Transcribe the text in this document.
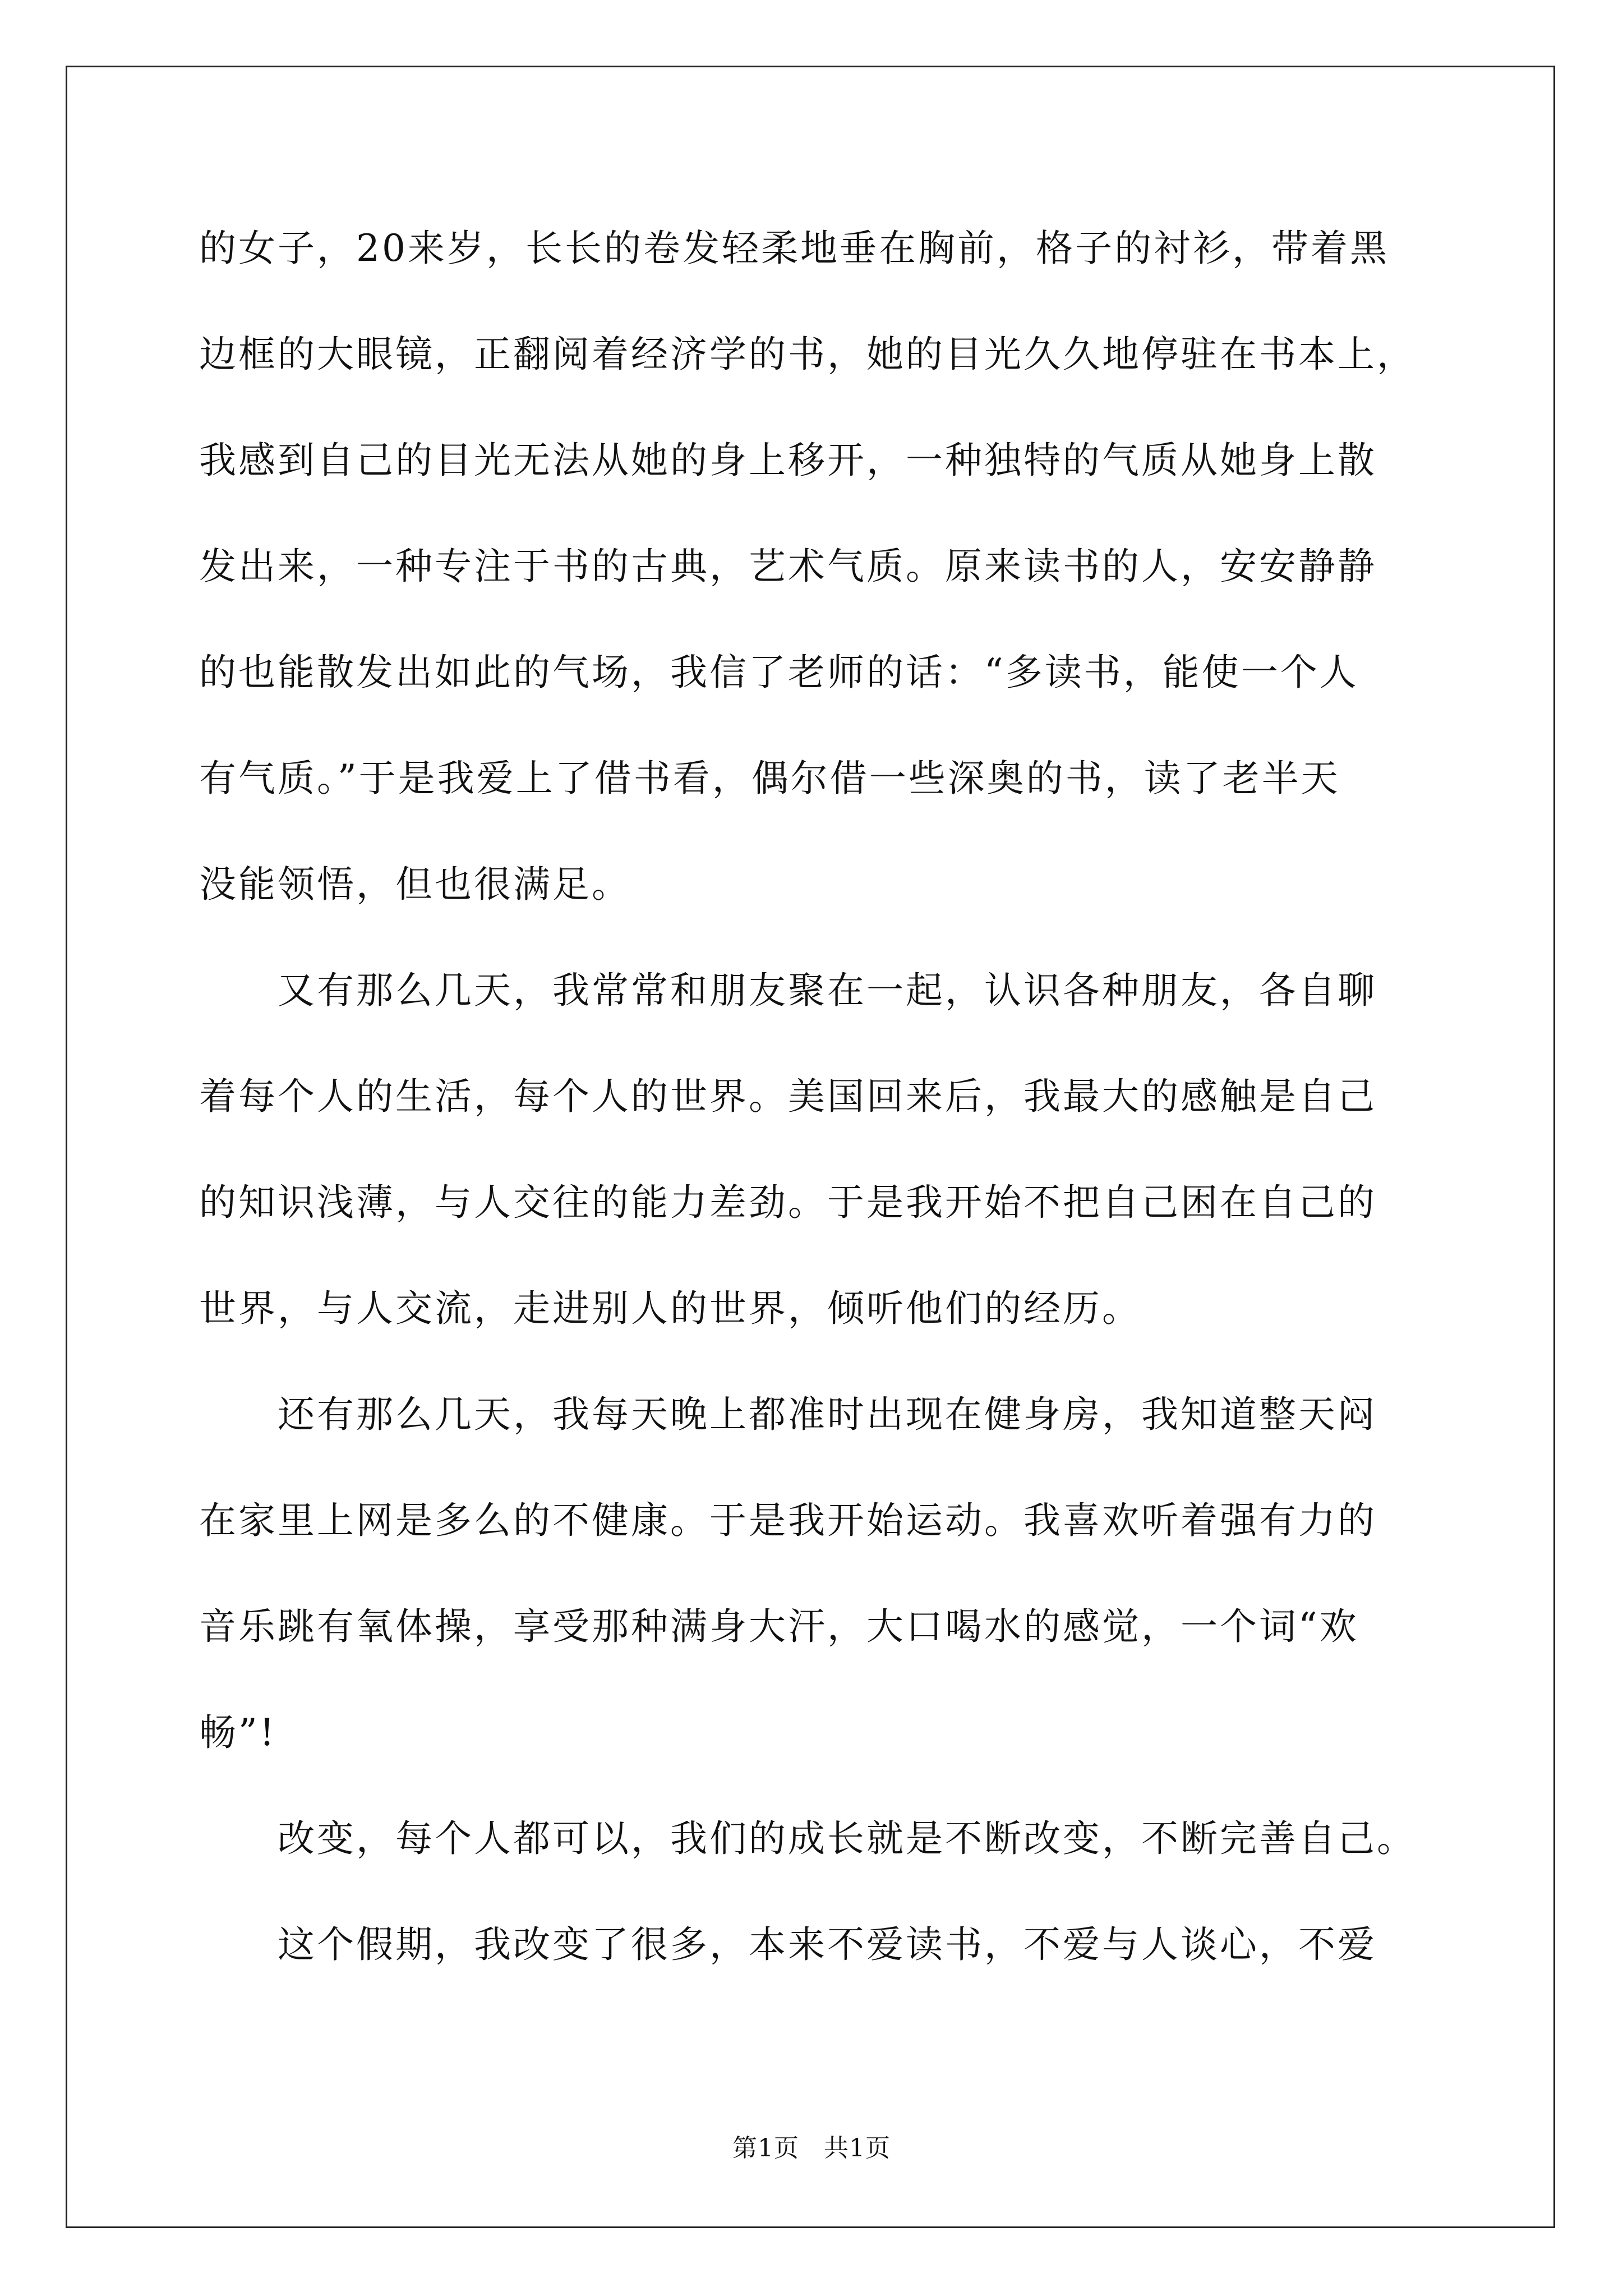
的女子，20来岁，长长的卷发轻柔地垂在胸前，格子的衬衫，带着黑
边框的大眼镜，正翻阅着经济学的书，她的目光久久地停驻在书本上，
我感到自己的目光无法从她的身上移开，一种独特的气质从她身上散
发出来，一种专注于书的古典，艺术气质。原来读书的人，安安静静
的也能散发出如此的气场，我信了老师的话：“多读书，能使一个人
有气质。”于是我爱上了借书看，偶尔借一些深奥的书，读了老半天
没能领悟，但也很满足。
　　又有那么几天，我常常和朋友聚在一起，认识各种朋友，各自聊
着每个人的生活，每个人的世界。美国回来后，我最大的感触是自己
的知识浅薄，与人交往的能力差劲。于是我开始不把自己困在自己的
世界，与人交流，走进别人的世界，倾听他们的经历。
　　还有那么几天，我每天晚上都准时出现在健身房，我知道整天闷
在家里上网是多么的不健康。于是我开始运动。我喜欢听着强有力的
音乐跳有氧体操，享受那种满身大汗，大口喝水的感觉，一个词“欢
畅”!
　　改变，每个人都可以，我们的成长就是不断改变，不断完善自己。
　　这个假期，我改变了很多，本来不爱读书，不爱与人谈心，不爱
第1页 共1页
